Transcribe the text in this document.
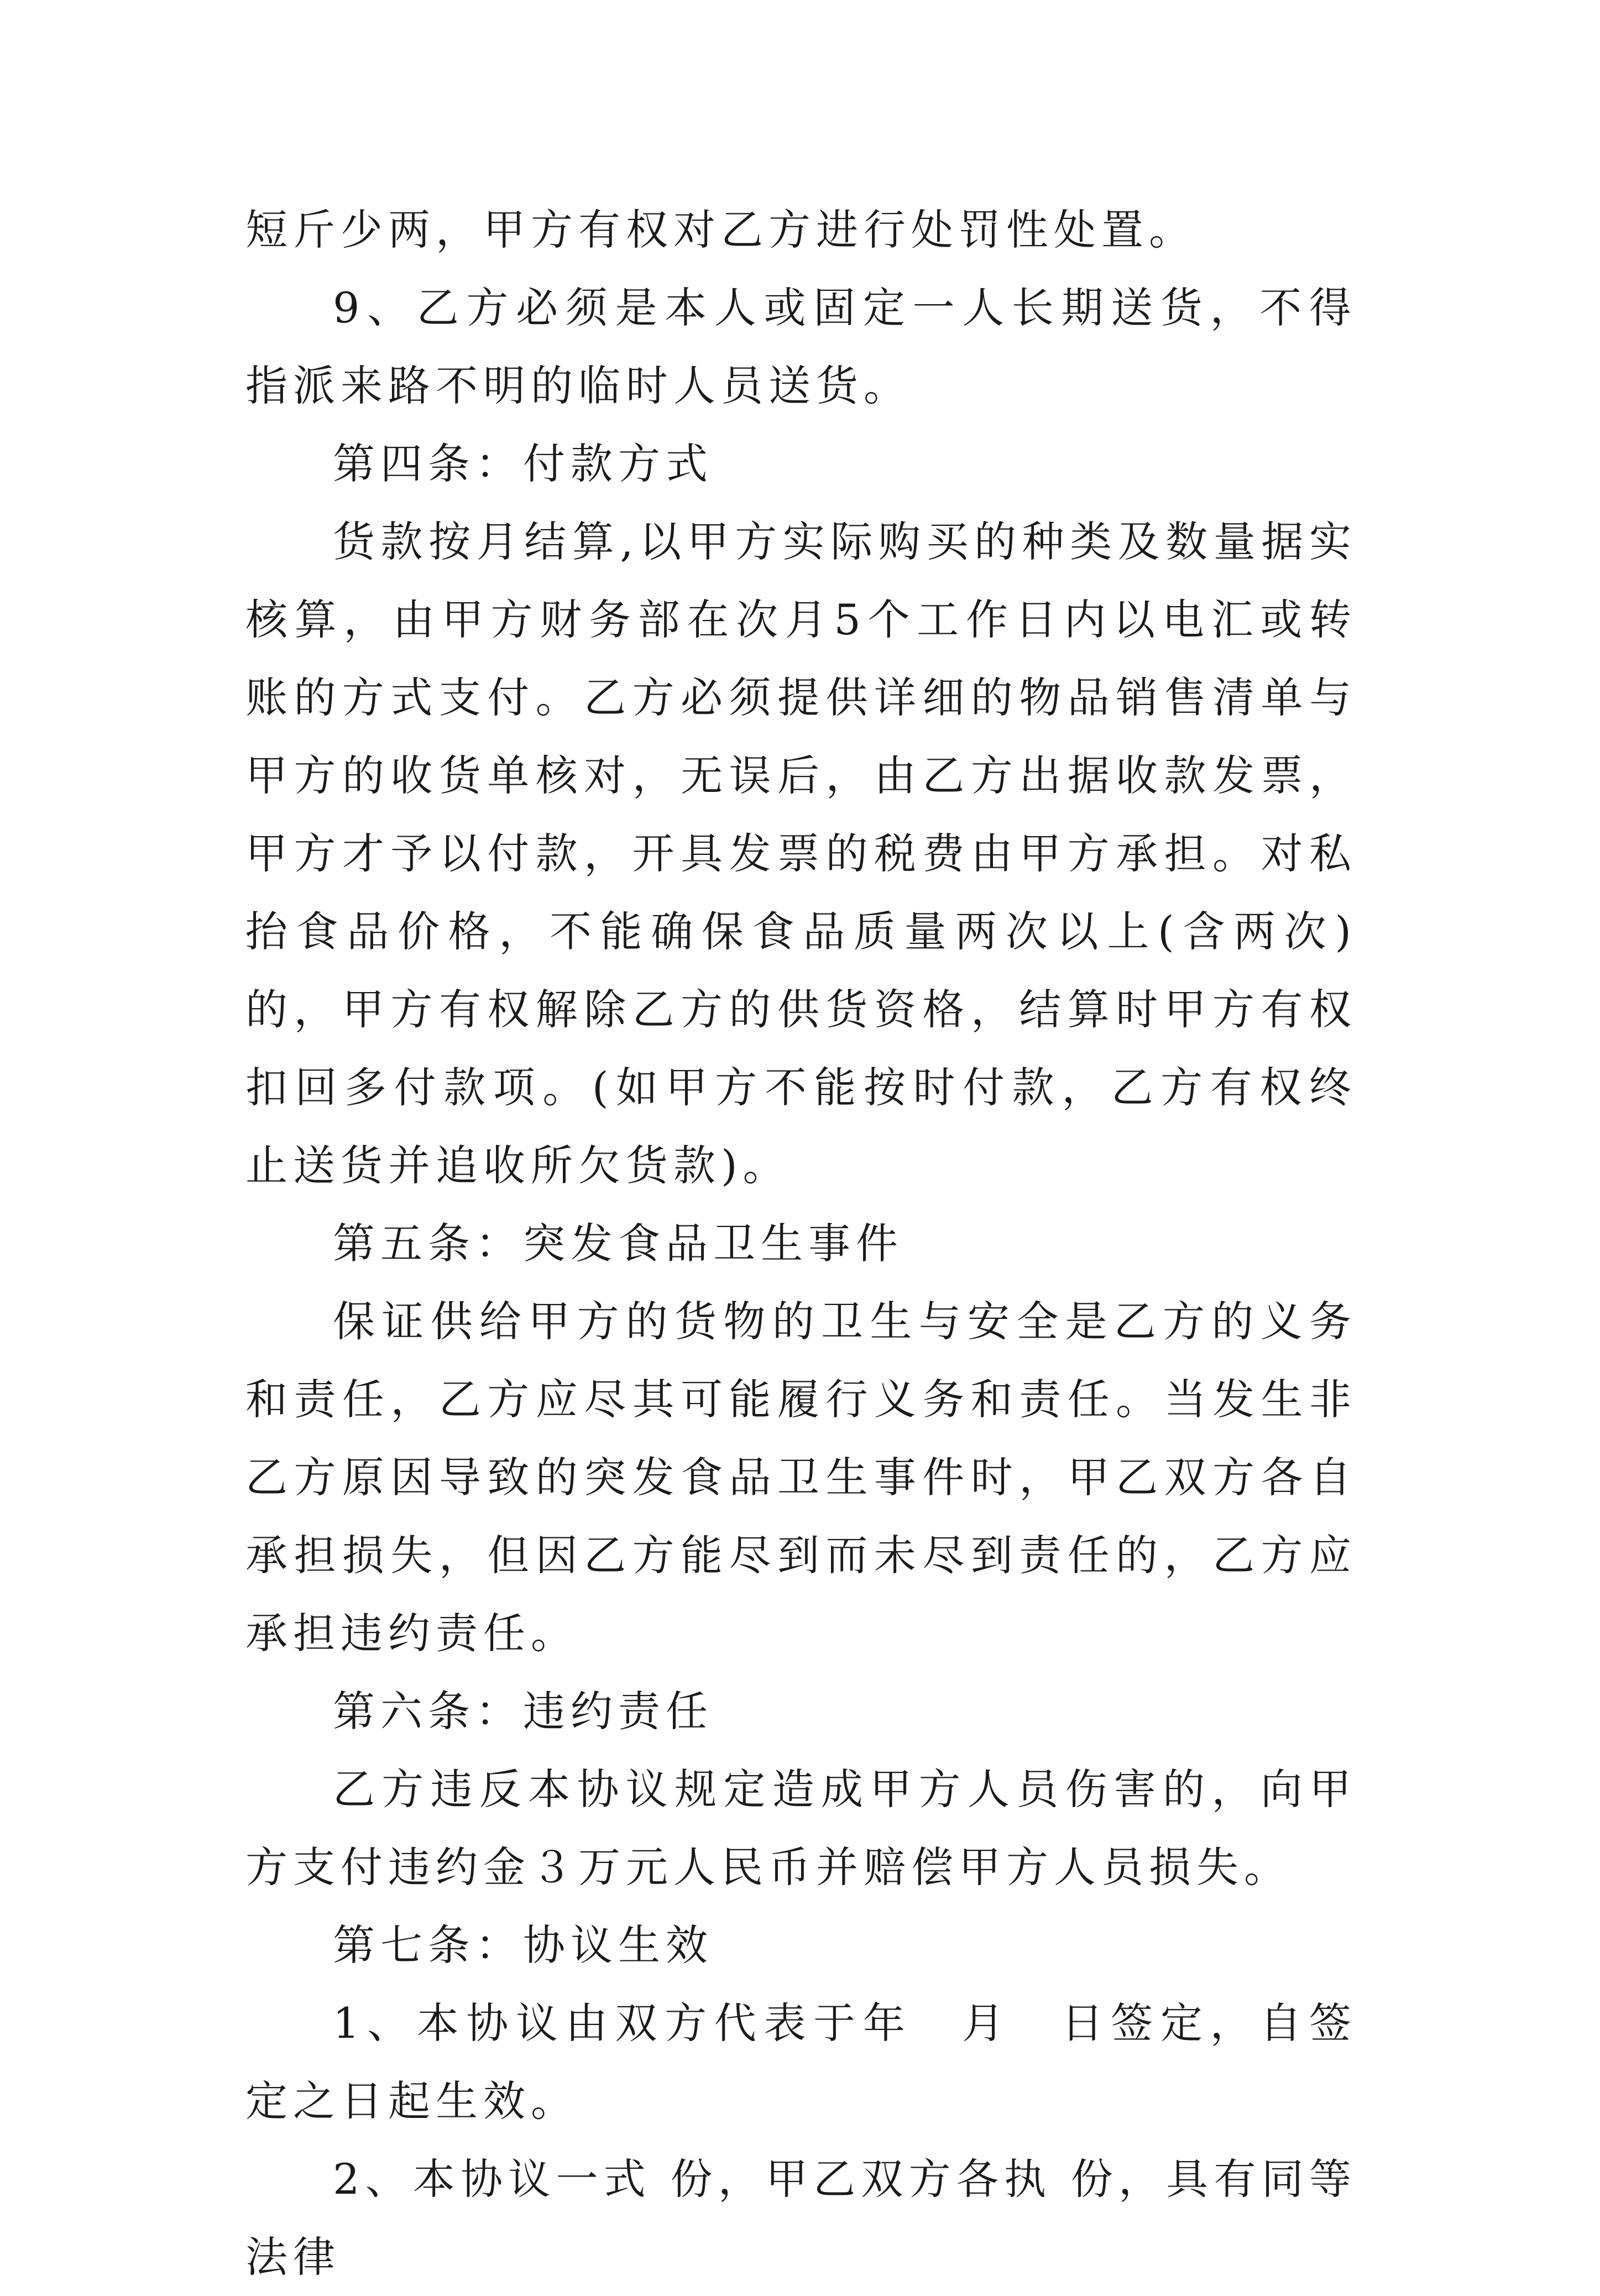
短斤少两，甲方有权对乙方进行处罚性处置。

9、乙方必须是本人或固定一人长期送货，不得指派来路不明的临时人员送货。

第四条：付款方式

货款按月结算,以甲方实际购买的种类及数量据实核算，由甲方财务部在次月5个工作日内以电汇或转账的方式支付。乙方必须提供详细的物品销售清单与甲方的收货单核对，无误后，由乙方出据收款发票，甲方才予以付款，开具发票的税费由甲方承担。对私抬食品价格，不能确保食品质量两次以上(含两次)的，甲方有权解除乙方的供货资格，结算时甲方有权扣回多付款项。(如甲方不能按时付款，乙方有权终止送货并追收所欠货款)。

第五条：突发食品卫生事件

保证供给甲方的货物的卫生与安全是乙方的义务和责任，乙方应尽其可能履行义务和责任。当发生非乙方原因导致的突发食品卫生事件时，甲乙双方各自承担损失，但因乙方能尽到而未尽到责任的，乙方应承担违约责任。

第六条：违约责任

乙方违反本协议规定造成甲方人员伤害的，向甲方支付违约金３万元人民币并赔偿甲方人员损失。

第七条：协议生效

1、本协议由双方代表于年　月　日签定，自签定之日起生效。

2、本协议一式 份，甲乙双方各执 份，具有同等法律
